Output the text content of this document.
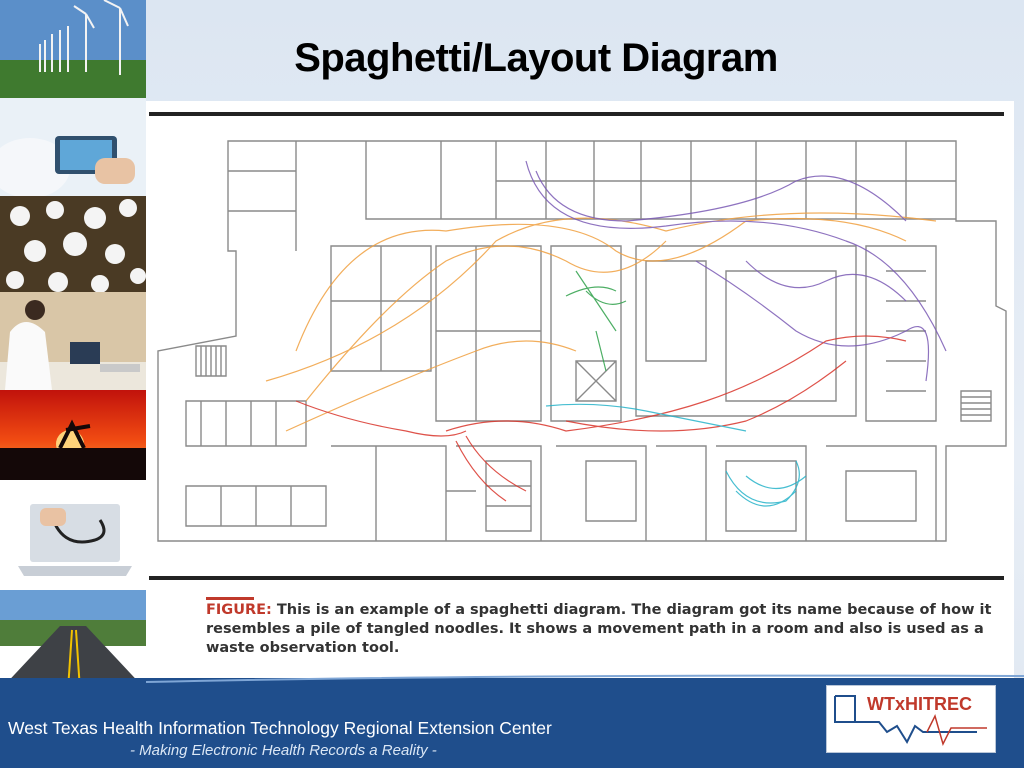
Spaghetti/Layout Diagram
FIGURE: This is an example of a spaghetti diagram. The diagram got its name because of how it resembles a pile of tangled noodles. It shows a movement path in a room and also is used as a waste observation tool.
West Texas Health Information Technology Regional Extension Center
- Making Electronic Health Records a Reality -
WTxHITREC
